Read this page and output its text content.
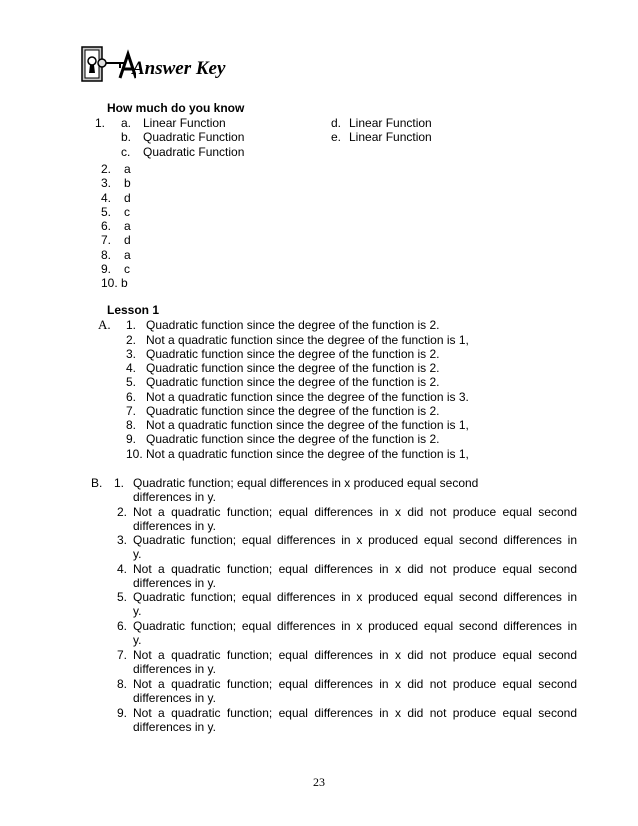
Answer Key
How much do you know
1. a. Linear Function
b. Quadratic Function
c. Quadratic Function
d. Linear Function
e. Linear Function
2. a
3. b
4. d
5. c
6. a
7. d
8. a
9. c
10. b
Lesson 1
A. 1. Quadratic function since the degree of the function is 2.
2. Not a quadratic function since the degree of the function is 1,
3. Quadratic function since the degree of the function is 2.
4. Quadratic function since the degree of the function is 2.
5. Quadratic function since the degree of the function is 2.
6. Not a quadratic function since the degree of the function is 3.
7. Quadratic function since the degree of the function is 2.
8. Not a quadratic function since the degree of the function is 1,
9. Quadratic function since the degree of the function is 2.
10. Not a quadratic function since the degree of the function is 1,
B. 1. Quadratic function; equal differences in x produced equal second
differences in y.
2. Not a quadratic function; equal differences in x did not produce equal second
differences in y.
3. Quadratic function; equal differences in x produced equal second differences in
y.
4. Not a quadratic function; equal differences in x did not produce equal second
differences in y.
5. Quadratic function; equal differences in x produced equal second differences in
y.
6. Quadratic function; equal differences in x produced equal second differences in
y.
7. Not a quadratic function; equal differences in x did not produce equal second
differences in y.
8. Not a quadratic function; equal differences in x did not produce equal second
differences in y.
9. Not a quadratic function; equal differences in x did not produce equal second
differences in y.
23
